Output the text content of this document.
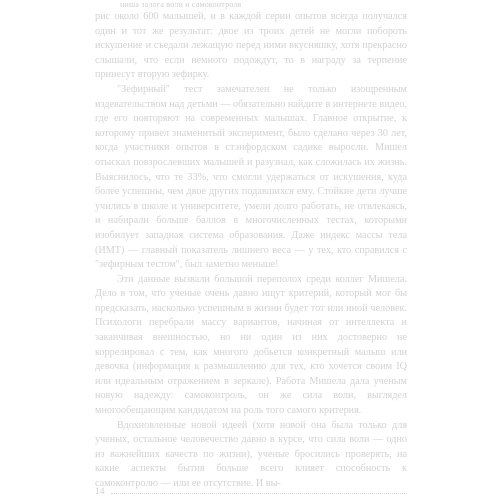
ниша залога воли и самоконтроля

рис около 600 малышей, и в каждой серии опытов всегда получался один и тот же результат: двое из троих детей не могли побороть искушение и съедали лежащую перед ними вкусняшку, хотя прекрасно слышали, что если немного подождут, то в награду за терпение принесут вторую зефирку.

"Зефирный" тест замечателен не только изощренным издевательством над детьми — обязательно найдите в интернете видео, где его повторяют на современных малышах. Главное открытие, к которому привел знаменитый эксперимент, было сделано через 30 лет, когда участники опытов в стэнфордском садике выросли. Мишел отыскал повзрослевших малышей и разузнал, как сложилась их жизнь. Выяснилось, что те 33%, что смогли удержаться от искушения, куда более успешны, чем двое других подавшихся ему. Стойкие дети лучше учились в школе и университете, умели долго работать, не отвлекаясь, и набирали больше баллов в многочисленных тестах, которыми изобилует западная система образования. Даже индекс массы тела (ИМТ) — главный показатель лишнего веса — у тех, кто справился с "зефирным тестом", был заметно меньше!

Эти данные вызвали большой переполох среди коллег Мишела. Дело в том, что ученые очень давно ищут критерий, который мог бы предсказать, насколько успешным в жизни будет тот или иной человек. Психологи перебрали массу вариантов, начиная от интеллекта и заканчивая внешностью, но ни один из них достоверно не коррелировал с тем, как многого добьется конкретный малыш или девочка (информация к размышлению для тех, кто хочется своим IQ или идеальным отражением в зеркале). Работа Мишела дала ученым новую надежду: самоконтроль, он же сила воли, выглядел многообещающим кандидатом на роль того самого критерия.

Вдохновленные новой идеей (хотя новой она была только для ученых, остальное человечество давно в курсе, что сила воли — одно из важнейших качеств по жизни), ученые бросились проверять, на какие аспекты бытия больше всего влияет способность к самоконтролю — или ее отсутствие. И вы-

14
